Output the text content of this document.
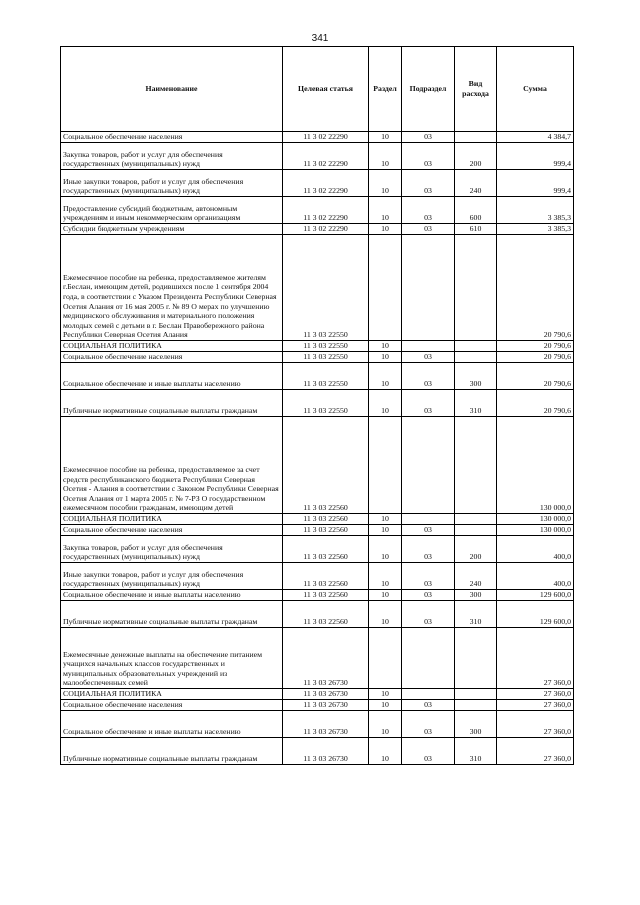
341
Наименование	Целевая статья	Раздел	Подраздел	Вид расхода	Сумма
Социальное обеспечение населения	11 3 02 22290	10	03		4 384,7
Закупка товаров, работ и услуг для обеспечения государственных (муниципальных) нужд	11 3 02 22290	10	03	200	999,4
Иные закупки товаров, работ и услуг для обеспечения государственных (муниципальных) нужд	11 3 02 22290	10	03	240	999,4
Предоставление субсидий бюджетным, автономным учреждениям и иным некоммерческим организациям	11 3 02 22290	10	03	600	3 385,3
Субсидии бюджетным учреждениям	11 3 02 22290	10	03	610	3 385,3
Ежемесячное пособие на ребенка, предоставляемое жителям г.Беслан, имеющим детей, родившихся после 1 сентября 2004 года, в соответствии с Указом Президента Республики Северная Осетия Алания от 16 мая 2005 г. № 89 О мерах по улучшению медицинского обслуживания и материального положения молодых семей с детьми в г. Беслан Правобережного района Республики Северная Осетия Алания	11 3 03 22550				20 790,6
СОЦИАЛЬНАЯ ПОЛИТИКА	11 3 03 22550	10			20 790,6
Социальное обеспечение населения	11 3 03 22550	10	03		20 790,6
Социальное обеспечение и иные выплаты населению	11 3 03 22550	10	03	300	20 790,6
Публичные нормативные социальные выплаты гражданам	11 3 03 22550	10	03	310	20 790,6
Ежемесячное пособие на ребенка, предоставляемое за счет средств республиканского бюджета Республики Северная Осетия - Алания в соответствии с Законом Республики Северная Осетия Алания от 1 марта 2005 г. № 7-РЗ О государственном ежемесячном пособии гражданам, имеющим детей	11 3 03 22560				130 000,0
СОЦИАЛЬНАЯ ПОЛИТИКА	11 3 03 22560	10			130 000,0
Социальное обеспечение населения	11 3 03 22560	10	03		130 000,0
Закупка товаров, работ и услуг для обеспечения государственных (муниципальных) нужд	11 3 03 22560	10	03	200	400,0
Иные закупки товаров, работ и услуг для обеспечения государственных (муниципальных) нужд	11 3 03 22560	10	03	240	400,0
Социальное обеспечение и иные выплаты населению	11 3 03 22560	10	03	300	129 600,0
Публичные нормативные социальные выплаты гражданам	11 3 03 22560	10	03	310	129 600,0
Ежемесячные денежные выплаты на обеспечение питанием учащихся начальных классов государственных и муниципальных образовательных учреждений из малообеспеченных семей	11 3 03 26730				27 360,0
СОЦИАЛЬНАЯ ПОЛИТИКА	11 3 03 26730	10			27 360,0
Социальное обеспечение населения	11 3 03 26730	10	03		27 360,0
Социальное обеспечение и иные выплаты населению	11 3 03 26730	10	03	300	27 360,0
Публичные нормативные социальные выплаты гражданам	11 3 03 26730	10	03	310	27 360,0
